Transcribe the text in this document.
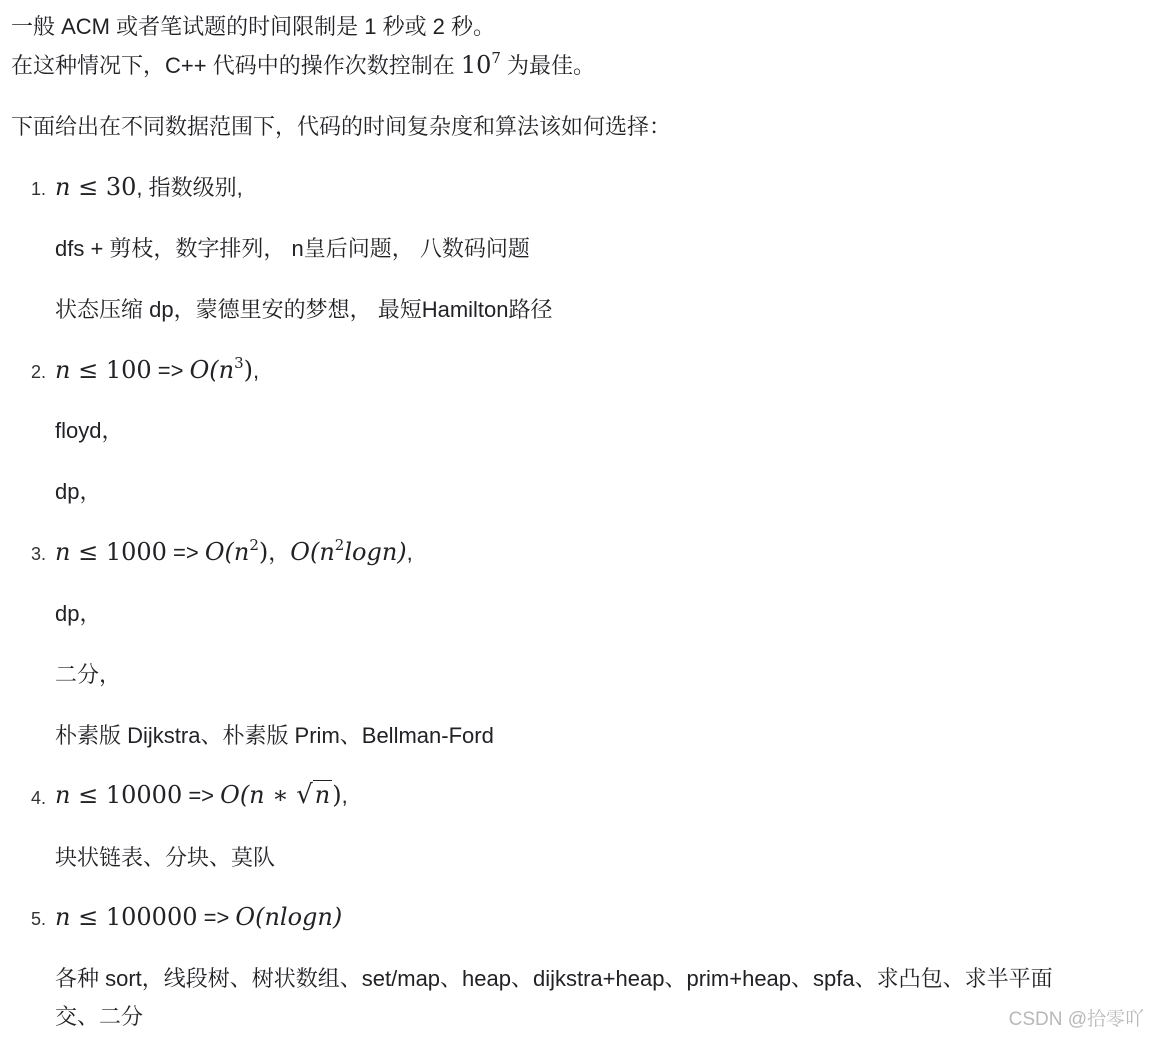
一般 ACM 或者笔试题的时间限制是 1 秒或 2 秒。
在这种情况下，C++ 代码中的操作次数控制在 $10^7$ 为最佳。
下面给出在不同数据范围下，代码的时间复杂度和算法该如何选择：
1. n ≤ 30, 指数级别,
dfs + 剪枝，数字排列， n皇后问题， 八数码问题
状态压缩 dp，蒙德里安的梦想， 最短Hamilton路径
2. $n \le 100 => O(n^3)$,
floyd，
dp，
3. $n \le 1000 => O(n^2)$，$O(n^2\log n)$,
dp，
二分，
朴素版 Dijkstra、朴素版 Prim、Bellman-Ford
4. n ≤ 10000 => O(n ∗ √n),
块状链表、分块、莫队
5. n ≤ 100000 => O(nlogn)
各种 sort，线段树、树状数组、set/map、heap、dijkstra+heap、prim+heap、spfa、求凸包、求半平面
交、二分	CSDN @拾零吖
